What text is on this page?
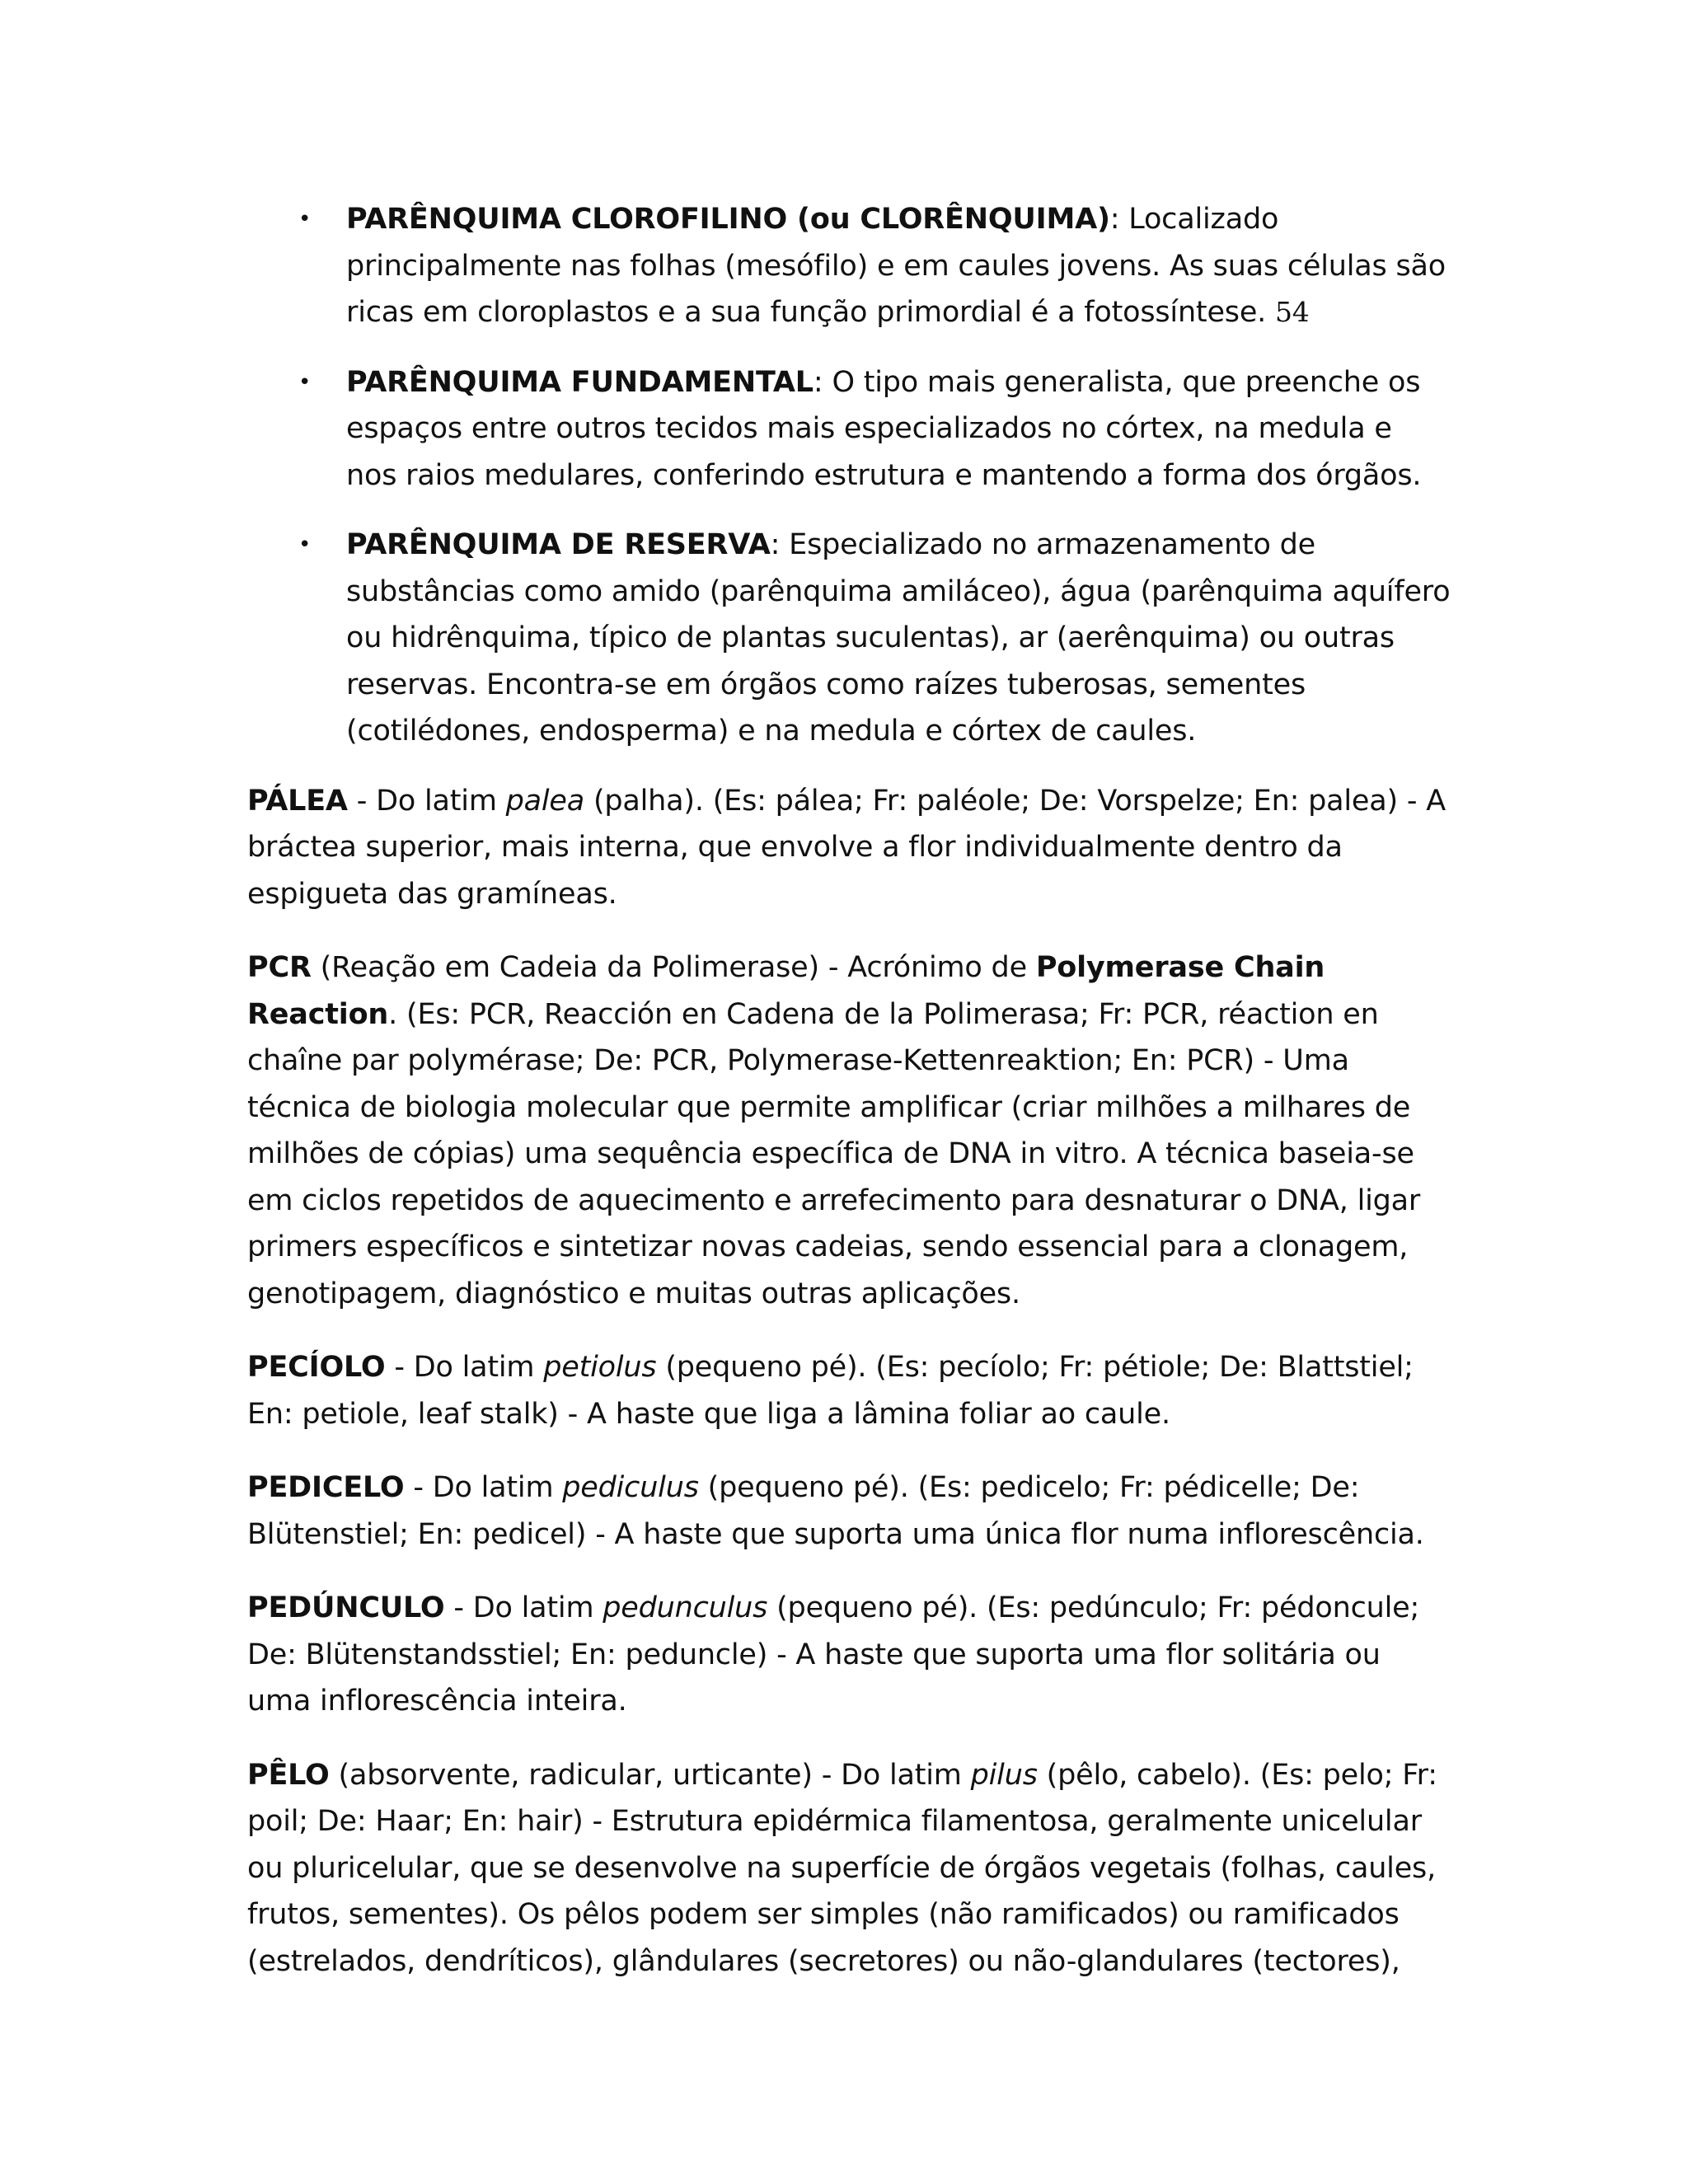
• PARÊNQUIMA CLOROFILINO (ou CLORÊNQUIMA): Localizado principalmente nas folhas (mesófilo) e em caules jovens. As suas células são ricas em cloroplastos e a sua função primordial é a fotossíntese. 54
• PARÊNQUIMA FUNDAMENTAL: O tipo mais generalista, que preenche os espaços entre outros tecidos mais especializados no córtex, na medula e nos raios medulares, conferindo estrutura e mantendo a forma dos órgãos.
• PARÊNQUIMA DE RESERVA: Especializado no armazenamento de substâncias como amido (parênquima amiláceo), água (parênquima aquífero ou hidrênquima, típico de plantas suculentas), ar (aerênquima) ou outras reservas. Encontra-se em órgãos como raízes tuberosas, sementes (cotilédones, endosperma) e na medula e córtex de caules.

PÁLEA - Do latim palea (palha). (Es: pálea; Fr: paléole; De: Vorspelze; En: palea) - A bráctea superior, mais interna, que envolve a flor individualmente dentro da espigueta das gramíneas.

PCR (Reação em Cadeia da Polimerase) - Acrónimo de Polymerase Chain Reaction. (Es: PCR, Reacción en Cadena de la Polimerasa; Fr: PCR, réaction en chaîne par polymérase; De: PCR, Polymerase-Kettenreaktion; En: PCR) - Uma técnica de biologia molecular que permite amplificar (criar milhões a milhares de milhões de cópias) uma sequência específica de DNA in vitro. A técnica baseia-se em ciclos repetidos de aquecimento e arrefecimento para desnaturar o DNA, ligar primers específicos e sintetizar novas cadeias, sendo essencial para a clonagem, genotipagem, diagnóstico e muitas outras aplicações.

PECÍOLO - Do latim petiolus (pequeno pé). (Es: pecíolo; Fr: pétiole; De: Blattstiel; En: petiole, leaf stalk) - A haste que liga a lâmina foliar ao caule.

PEDICELO - Do latim pediculus (pequeno pé). (Es: pedicelo; Fr: pédicelle; De: Blütenstiel; En: pedicel) - A haste que suporta uma única flor numa inflorescência.

PEDÚNCULO - Do latim pedunculus (pequeno pé). (Es: pedúnculo; Fr: pédoncule; De: Blütenstandsstiel; En: peduncle) - A haste que suporta uma flor solitária ou uma inflorescência inteira.

PÊLO (absorvente, radicular, urticante) - Do latim pilus (pêlo, cabelo). (Es: pelo; Fr: poil; De: Haar; En: hair) - Estrutura epidérmica filamentosa, geralmente unicelular ou pluricelular, que se desenvolve na superfície de órgãos vegetais (folhas, caules, frutos, sementes). Os pêlos podem ser simples (não ramificados) ou ramificados (estrelados, dendríticos), glândulares (secretores) ou não-glandulares (tectores),
